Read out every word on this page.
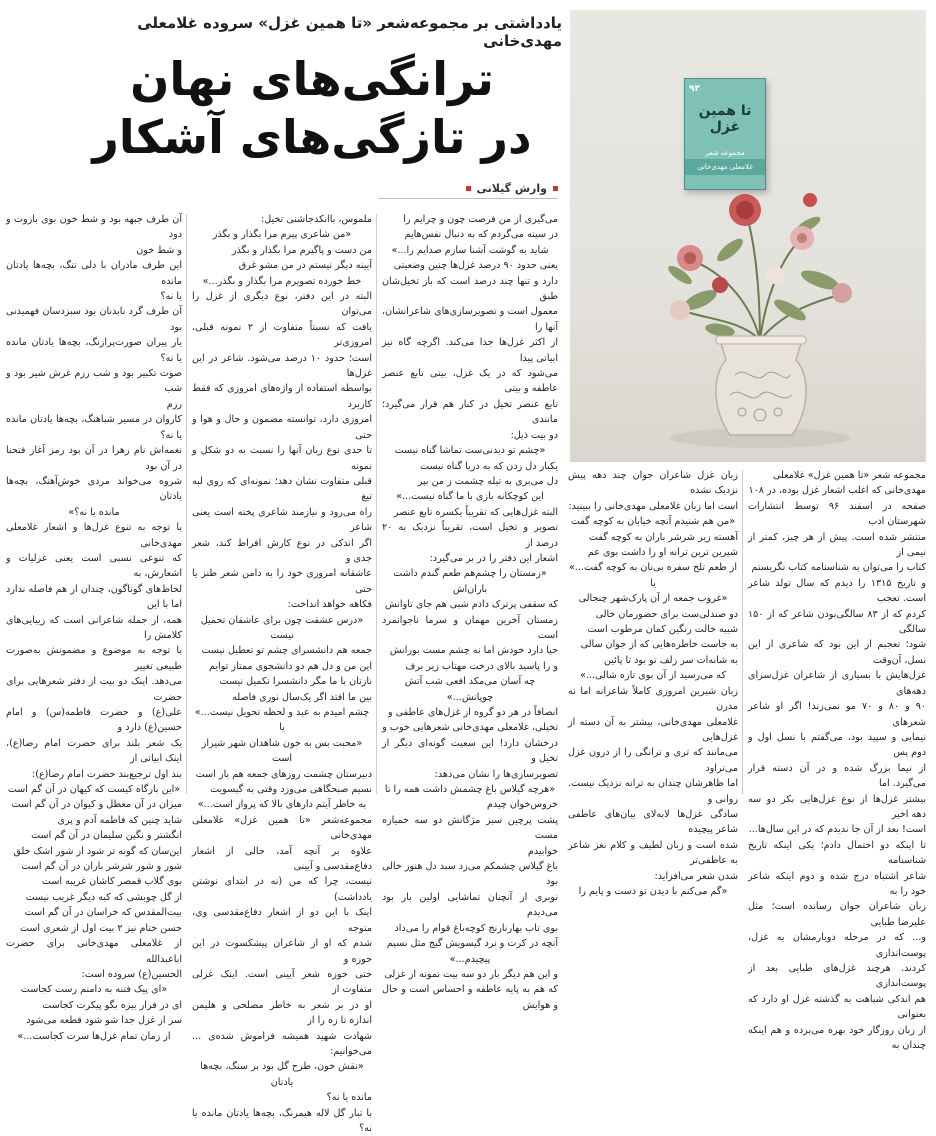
۹۳
تا همین غزل
غلامعلی مهدی‌خانی
مجموعه شعر
یادداشتی بر مجموعه‌شعر «تا همین غزل» سروده غلامعلی مهدی‌خانی
ترانگی‌های نهان
در تازگی‌های آشکار
وارش گیلانی

مجموعه شعر «تا همین غزل» غلامعلی

مهدی‌خانی که اغلب اشعار غزل بوده، در ۱۰۸

صفحه در اسفند ۹۶ توسط انتشارات شهرستان ادب

منتشر شده است. پیش از هر چیز، کمتر از نیمی از

کتاب را می‌توان به شناسنامه کتاب نگریستم

و تاریخ ۱۳۱۵ را دیدم که سال تولد شاعر است. تعجب

کردم که از ۸۳ سالگی‌بودن شاعر که از ۱۵۰ سالگی

شود؛ تعجبم از این بود که شاعری از این نسل، آن‌وقت

غزل‌هایش با بسیاری از شاعران غزل‌سرای دهه‌های

۹۰ و ۸۰ و ۷۰ مو نمی‌زند! اگر او شاعر شعرهای

نیمایی و سپید بود، می‌گفتم با نسل اول و دوم پس

از نیما بزرگ شده و در آن دسته قرار می‌گیرد. اما

بیشتر غزل‌ها از نوع غزل‌هایی بکر دو سه دهه اخیر

است! بعد از آن جا ندیدم که در این سال‌ها...

تا اینکه دو احتمال دادم؛ یکی اینکه تاریخ شناسنامه

شاعر اشتباه درج شده و دوم اینکه شاعر خود را به

زبان شاعران جوان رسانده است؛ مثل علیرضا طبایی

و... که در مرحله دوبارمشان به غزل، پوست‌اندازی

کردند. هرچند غزل‌های طبایی بعد از پوست‌اندازی

هم اندکی شباهت به گذشته غزل او دارد که بعنوانی

از زبان روزگار خود بهره می‌برده و هم اینکه چندان به

زبان غزل شاعران جوان چند دهه پیش نزدیک نشده

است اما زبان غلامعلی مهدی‌خانی را ببینید:

«من هم شنیدم آنچه خیابان به کوچه گفت

آهسته زیر شرشر باران به کوچه گفت

شیرین ترین ترانه او را داشت بوی عم

از طعم تلخ سفره بی‌نان به کوچه گفت...»

یا

«غروب جمعه از آن پارک‌شهر چنجالی

دو صندلی‌ست برای حضورمان خالی

شبیه خالت رنگین کمان مرطوب است

به جاست خاطره‌هایی که از جوان سالی

به شانه‌ات سر زلف تو بود تا پائین

که می‌رسید از آن بوی تازه شالی...»

زبان شیرین امروزی کاملاً شاعرانه اما نه مدرن

غلامعلی مهدی‌خانی، بیشتر به آن دسته از غزل‌هایی

می‌مانند که تری و ترانگی را از درون غزل می‌تراود

اما ظاهرشان چندان به ترانه نزدیک نیست. روانی و

سادگی غزل‌ها لابه‌لای بیان‌های عاطفی شاعر پیچیده

شده است و زبان لطیف و کلام نغز شاعر به عاطفی‌تر

شدن شعر می‌افزاید:

«گم می‌کنم با دیدن تو دست و پایم را

می‌گیری از من فرصت چون و چرایم را

در سینه می‌گردم که به دنبال نفس‌هایم

شاید به گوشت آشنا سازم صدایم را...»

یعنی حدود ۹۰ درصد غزل‌ها چنین وضعیتی

دارد و تنها چند درصد است که باز تخیل‌شان طبق

معمول است و تصویرسازی‌های شاعرانشان، آنها را

از اکثر غزل‌ها جدا می‌کند. اگرچه گاه نیز ابیاتی پیدا

می‌شود که در یک غزل، بیتی تابع عنصر عاطفه و بیتی

تابع عنصر تخیل در کنار هم قرار می‌گیرد؛ مانندی

دو بیت ذیل:

«چشم تو دیدنی‌ست تماشا گناه نیست

یکبار دل زدن که به دریا گناه نیست

دل می‌بری به تیله چشمت ز من بپر

این کوچکانه بازی با ما گناه نیست...»

البته غزل‌هایی که تقریباً یکسره تابع عنصر

تصویر و تخیل است، تقریباً نزدیک به ۲۰ درصد از

اشعار این دفتر را در بر می‌گیرد:

«زمستان را چشم‌هم طعم گندم داشت باران‌اش

که سقفی پرترک دادم شبی هم جای تاوانش

زمستان آخرین مهمان و سرما ناجوانمرد است

حیا دارد خودش اما نه چشم مست بورانش

و را پاسید بالای درخت مهتاب زیر برف

چه آسان می‌مکد افعی شب آتش چوپانش...»

انصافاً در هر دو گروه از غزل‌های عاطفی و

تخیلی، غلامعلی مهدی‌خانی شعرهایی خوب و

درخشان دارد! این سعیت گونه‌ای دیگر از تخیل و

تصویرسازی‌ها را نشان می‌دهد:

«هرچه گیلاس باغ چشمش داشت همه را تا

خروس‌خوان چیدم

پشت پرچین سبز مژگانش دو سه خمیازه مست

خوابیدم

باغ گیلاس چشمکم می‌زد سبد دل هنوز خالی بود

نوبری از آنچنان تماشایی اولین بار بود می‌دیدم

بوی تاب بهارنارنج کوچه‌باغ قوام را می‌داد

آنچه در کرت و نرد گیسویش گیج مثل نسیم

پیچیدم...»

و این هم دیگر بار دو سه بیت نمونه از غزلی

که هم به پایه عاطفه و احساس است و حال و هوایش

ملموس، باانکدجاشنی تخیل:

«من شاعری پیرم مرا بگذار و بگذر

من دست و پاگیرم مرا بگذار و بگذر

آیینه دیگر نیستم در من مشو غرق

خط خورده تصویرم مرا بگذار و بگذر...»

البته در این دفتر، نوع دیگری از غزل را می‌توان

یافت که نسبتاً متفاوت از ۲ نمونه قبلی، امروزی‌تر

است؛ حدود ۱۰ درصد می‌شود. شاعر در این غزل‌ها

بواسطه استفاده از واژه‌های امروزی که فقط کاربرد

امروزی دارد، توانسته مضمون و حال و هوا و حتی

تا حدی نوع زبان آنها را نسبت به دو شکل و نمونه

قبلی متفاوت نشان دهد؛ نمونه‌ای که روی لبه تیغ

راه می‌رود و نیازمند شاعری پخته است یعنی شاعر

اگر اندکی در نوع کارش افراط کند، شعر جدی و

عاشقانه امروزی خود را به دامن شعر طنز یا حتی

فکاهه خواهد انداخت:

«درس عشقت چون برای عاشقان تحمیل نیست

جمعه هم دانشسرای چشم تو تعطیل نیست

این من و دل هم دو دانشجوی ممتاز توایم

نازتان با ما مگر دانشسرا تکمیل نیست

بین ما افتد اگر یک‌سال نوری فاصله

چشم امیدم به عید و لحظه تحویل نیست...»

یا

«محبت بس به خون شاهدان شهر شیراز است

دبیرستان چشمت روزهای جمعه هم باز است

نسیم صبحگاهی می‌وزد وقتی به گیسویت

به خاطر آیتم دارهای بالا که پرواز است...»

مجموعه‌شعر «تا همین غزل» غلامعلی مهدی‌خانی

علاوه بر آنچه آمد، حالی از اشعار دفاع‌مقدسی و آیینی

نیست، چرا که من (نه در ابتدای نوشتن یادداشت)

اینک با این دو از اشعار دفاع‌مقدسی وی، متوجه

شدم که او از شاعران پیشکسوت در این حوزه و

حتی حوزه شعر آیینی است. اینک غزلی متفاوت از

او در بر شعر به خاطر مصلحی و هلیمن اندازه تا زه را از

شهادت شهید همیشه فراموش شده‌ی ... می‌خوانیم:

«نقش خون، طرح گل بود بر سنگ، بچه‌ها یادتان

مانده یا نه؟

با تبار گل لاله هیمرنگ، بچه‌ها یادتان مانده یا نه؟

آن طرف جبهه بود و شط خون بوی باروت و دود

و شط خون

این طرف مادران با دلی تنگ، بچه‌ها یادتان مانده

یا نه؟

آن طرف گرد نابدنان بود سبزدسان فهمیدنی بود

یار پیران صورت‌پرازنگ، بچه‌ها یادتان مانده یا نه؟

صوت تکبیر بود و شب رزم غرش شیر بود و شب

رزم

کاروان در مسیر شباهنگ، بچه‌ها یادتان مانده یا نه؟

نغمه‌اش نام زهرا در آن بود رمز آغاز فتحنا در آن بود

شروه می‌خواند مردی خوش‌آهنگ، بچه‌ها یادتان

مانده یا نه؟»

با توجه به تنوع غزل‌ها و اشعار غلامعلی مهدی‌خانی

که تنوعی نسبی است یعنی غزلیات و اشعارش، به

لحاظ‌های گوناگون، چندان از هم فاصله ندارد اما با این

همه، از جمله شاعرانی است که زیبایی‌های کلامش را

با توجه به موضوع و مضمونش به‌صورت طبیعی تغییر

می‌دهد. اینک دو بیت از دفتر شعرهایی برای حضرت

علی(ع) و حضرت فاطمه(س) و امام حسین(ع) دارد و

یک شعر بلند برای حضرت امام رضا(ع)، اینک ابیاتی از

بند اول ترجیع‌بند حضرت امام رضا(ع):

«این بارگاه کیست که کیهان در آن گم است

میزان در آن معطل و کیوان در آن گم است

شاید چنین که فاطمه آدم و پری

انگشتر و نگین سلیمان در آن گم است

این‌سان که گونه تر شود از شور اشک خلق

شور و شور شرشر باران در آن گم است

بوی گلاب قمصر کاشان غریبه است

از گل چوبشی که کبه دیگر غریب نیست

بیت‌المقدس که خراسان در آن گم است

حسن ختام نیز ۲ بیت اول از شعری است

از غلامعلی مهدی‌خانی برای حضرت اباعبدالله

الحسین(ع) سروده است:

«ای پیک فتنه به دامنم رست کجاست

ای در فرار بیزه بگو پیکرت کجاست

سر از غزل جدا شو شود قطعه می‌شود

از زمان تمام غزل‌ها سرت کجاست...»
